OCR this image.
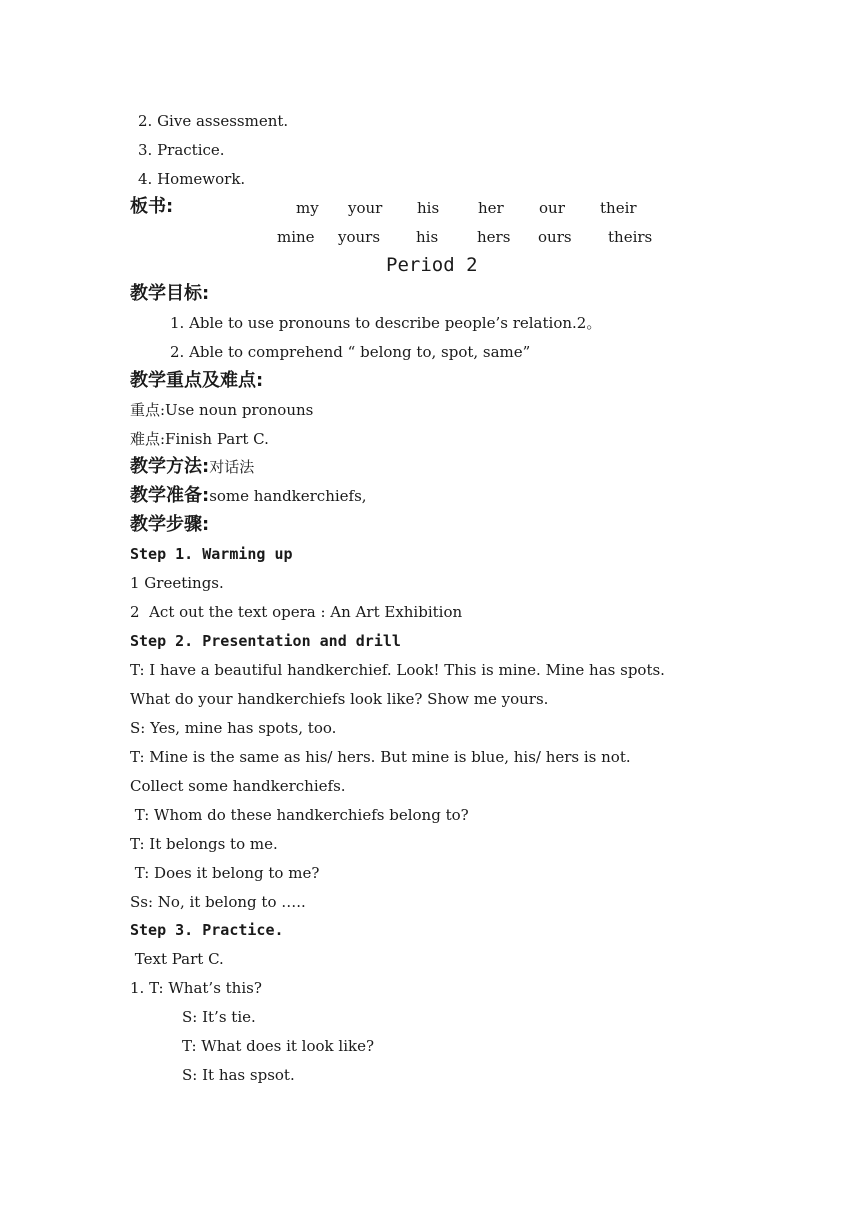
2. Give assessment.
3. Practice.
4. Homework.
板书:	my your his	her our their
mine yours his	hers ours theirs
Period 2
教学目标:
1. Able to use pronouns to describe people’s relation.2。
2. Able to comprehend “ belong to, spot, same”
教学重点及难点:
重点:Use noun pronouns
难点:Finish Part C.
教学方法:对话法
教学准备:some handkerchiefs,
教学步骤:
Step 1. Warming up
1 Greetings.
2  Act out the text opera : An Art Exhibition
Step 2. Presentation and drill
T: I have a beautiful handkerchief. Look! This is mine. Mine has spots.
What do your handkerchiefs look like? Show me yours.
S: Yes, mine has spots, too.
T: Mine is the same as his/ hers. But mine is blue, his/ hers is not.
Collect some handkerchiefs.
T: Whom do these handkerchiefs belong to?
T: It belongs to me.
T: Does it belong to me?
Ss: No, it belong to …..
Step 3. Practice.
Text Part C.
1. T: What’s this?
S: It’s tie.
T: What does it look like?
S: It has spsot.
